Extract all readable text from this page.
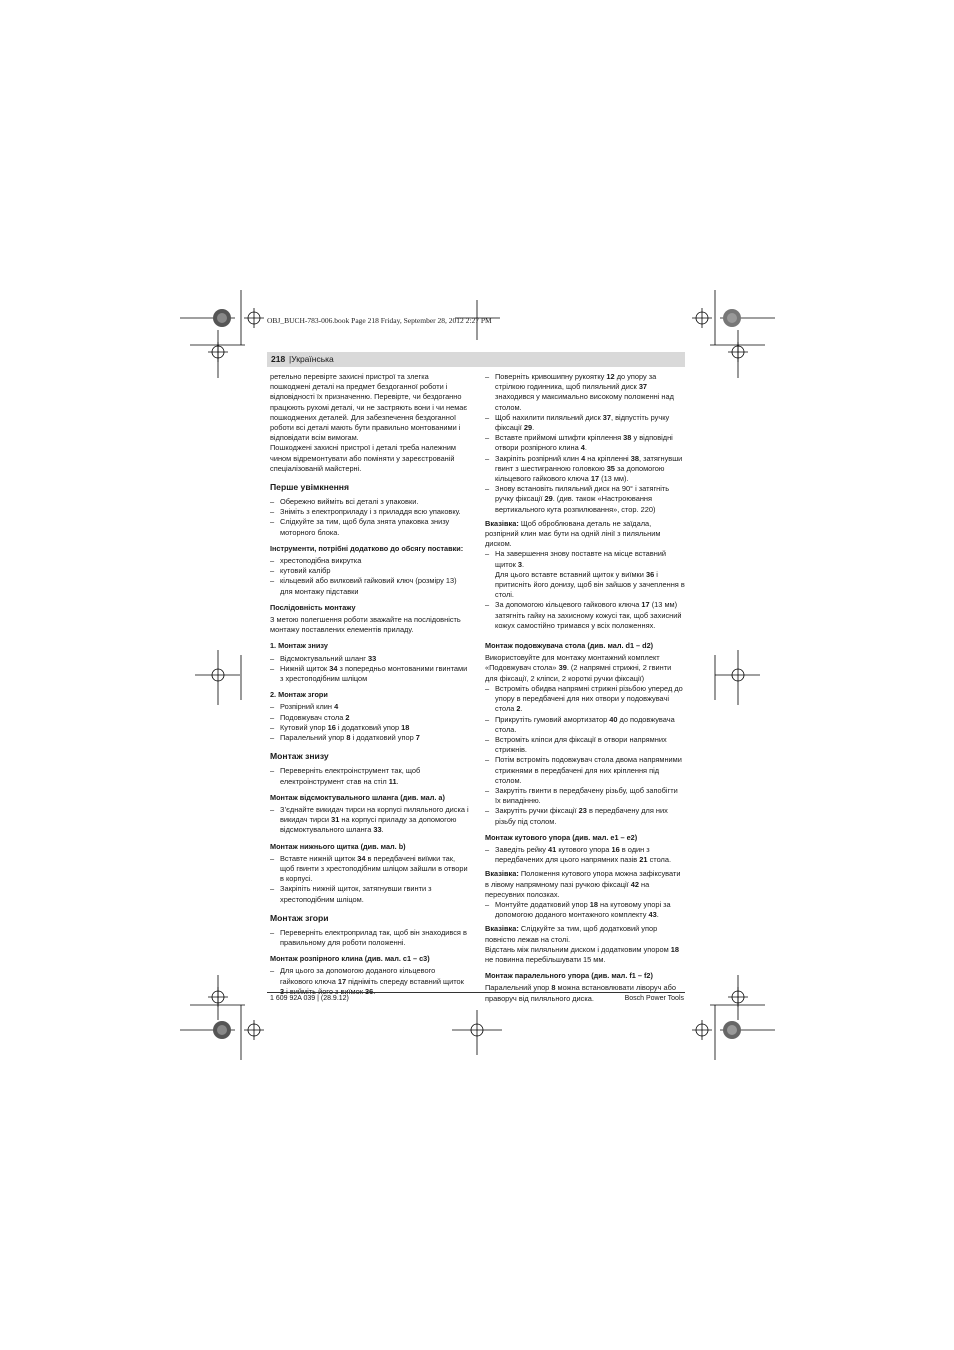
OBJ_BUCH-783-006.book Page 218 Friday, September 28, 2012 2:27 PM
218 |Українська

ретельно перевірте захисні пристрої та злегка пошкоджені деталі на предмет бездоганної роботи і відповідності їх призначенню. Перевірте, чи бездоганно працюють рухомі деталі, чи не застряють вони і чи немає пошкоджених деталей. Для забезпечення бездоганної роботи всі деталі мають бути правильно монтованими і відповідати всім вимогам.

Пошкоджені захисні пристрої і деталі треба належним чином відремонтувати або поміняти у зареєстрованій спеціалізованій майстерні.

Перше увімкнення

– Обережно вийміть всі деталі з упаковки.

– Зніміть з електроприладу і з приладдя всю упаковку.

– Слідкуйте за тим, щоб була знята упаковка знизу моторного блока.

Інструменти, потрібні додатково до обсягу поставки:

– хрестоподібна викрутка

– кутовий калібр

– кільцевий або вилковий гайковий ключ (розміру 13) для монтажу підставки

Послідовність монтажу

З метою полегшення роботи зважайте на послідовність монтажу поставлених елементів приладу.

1. Монтаж знизу

– Відсмоктувальний шланг 33

– Нижній щиток 34 з попередньо монтованими гвинтами з хрестоподібним шліцом

2. Монтаж згори

– Розпірний клин 4

– Подовжувач стола 2

– Кутовий упор 16 і додатковий упор 18

– Паралельний упор 8 і додатковий упор 7

Монтаж знизу

– Переверніть електроінструмент так, щоб електроінструмент став на стіл 11.

Монтаж відсмоктувального шланга (див. мал. а)

– З’єднайте викидач тирси на корпусі пиляльного диска і викидач тирси 31 на корпусі приладу за допомогою відсмоктувального шланга 33.

Монтаж нижнього щитка (див. мал. b)

– Вставте нижній щиток 34 в передбачені виїмки так, щоб гвинти з хрестоподібним шліцом зайшли в отвори в корпусі.

– Закріпіть нижній щиток, затягнувши гвинти з хрестоподібним шліцом.

Монтаж згори

– Переверніть електроприлад так, щоб він знаходився в правильному для роботи положенні.

Монтаж розпірного клина (див. мал. c1 – c3)

– Для цього за допомогою доданого кільцевого гайкового ключа 17 підніміть спереду вставний щиток 3 і вийміть його з виїмок 36.

– Поверніть кривошипну рукоятку 12 до упору за стрілкою годинника, щоб пиляльний диск 37 знаходився у максимально високому положенні над столом.

– Щоб нахилити пиляльний диск 37, відпустіть ручку фіксації 29.

– Вставте приймомі штифти кріплення 38 у відповідні отвори розпірного клина 4.

– Закріпіть розпірний клин 4 на кріпленні 38, затягнувши гвинт з шестигранною головкою 35 за допомогою кільцевого гайкового ключа 17 (13 мм).

– Знову встановіть пиляльний диск на 90° і затягніть ручку фіксації 29. (див. також «Настроювання вертикального кута розпилювання», стор. 220)

Вказівка: Щоб оброблювана деталь не заїдала, розпірний клин має бути на одній лінії з пиляльним диском.

– На завершення знову поставте на місце вставний щиток 3.

Для цього вставте вставний щиток у виїмки 36 і притисніть його донизу, щоб він зайшов у зачеплення в столі.

– За допомогою кільцевого гайкового ключа 17 (13 мм) затягніть гайку на захисному кожусі так, щоб захисний кожух самостійно тримався у всіх положеннях.

Монтаж подовжувача стола (див. мал. d1 – d2)

Використовуйте для монтажу монтажний комплект «Подовжувач стола» 39. (2 напрямні стрижні, 2 гвинти для фіксації, 2 кліпси, 2 короткі ручки фіксації)

– Встроміть обидва напрямні стрижні різьбою уперед до упору в передбачені для них отвори у подовжувачі стола 2.

– Прикрутіть гумовий амортизатор 40 до подовжувача стола.

– Встроміть кліпси для фіксації в отвори напрямних стрижнів.

– Потім встроміть подовжувач стола двома напрямними стрижнями в передбачені для них кріплення під столом.

– Закрутіть гвинти в передбачену різьбу, щоб запобігти їх випадінню.

– Закрутіть ручки фіксації 23 в передбачену для них різьбу під столом.

Монтаж кутового упора (див. мал. e1 – e2)

– Заведіть рейку 41 кутового упора 16 в один з передбачених для цього напрямних пазів 21 стола.

Вказівка: Положення кутового упора можна зафіксувати в лівому напрямному пазі ручкою фіксації 42 на пересувних полозках.

– Монтуйте додатковий упор 18 на кутовому упорі за допомогою доданого монтажного комплекту 43.

Вказівка: Слідкуйте за тим, щоб додатковий упор повністю лежав на столі.

Відстань між пиляльним диском і додатковим упором 18 не повинна перебільшувати 15 мм.

Монтаж паралельного упора (див. мал. f1 – f2)

Паралельний упор 8 можна встановлювати ліворуч або праворуч від пиляльного диска.

1 609 92A 039 | (28.9.12)	Bosch Power Tools
